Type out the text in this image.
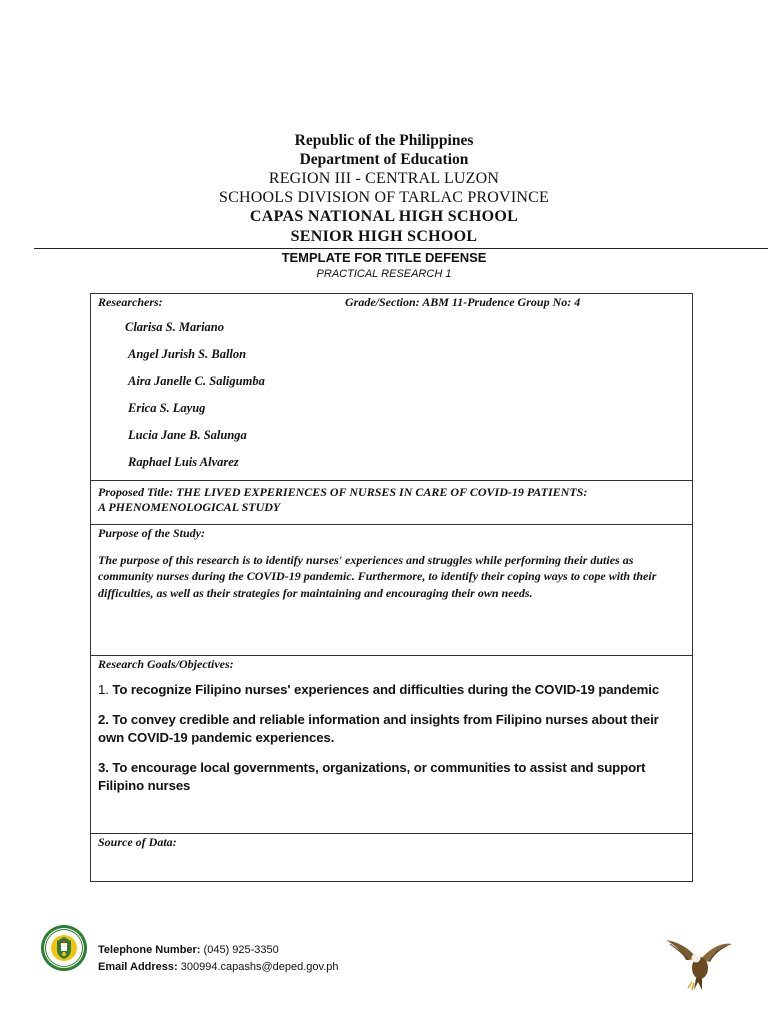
Republic of the Philippines
Department of Education
REGION III - CENTRAL LUZON
SCHOOLS DIVISION OF TARLAC PROVINCE
CAPAS NATIONAL HIGH SCHOOL
SENIOR HIGH SCHOOL
TEMPLATE FOR TITLE DEFENSE
PRACTICAL RESEARCH 1
Researchers:	Grade/Section: ABM 11-Prudence Group No: 4
Clarisa S. Mariano
Angel Jurish S. Ballon
Aira Janelle C. Saligumba
Erica S. Layug
Lucia Jane B. Salunga
Raphael Luis Alvarez
Proposed Title: THE LIVED EXPERIENCES OF NURSES IN CARE OF COVID-19 PATIENTS:
A PHENOMENOLOGICAL STUDY
Purpose of the Study:
The purpose of this research is to identify nurses' experiences and struggles while performing their duties as community nurses during the COVID-19 pandemic. Furthermore, to identify their coping ways to cope with their difficulties, as well as their strategies for maintaining and encouraging their own needs.
Research Goals/Objectives:
1. To recognize Filipino nurses' experiences and difficulties during the COVID-19 pandemic
2. To convey credible and reliable information and insights from Filipino nurses about their own COVID-19 pandemic experiences.
3. To encourage local governments, organizations, or communities to assist and support Filipino nurses
Source of Data:
Telephone Number: (045) 925-3350
Email Address: 300994.capashs@deped.gov.ph
